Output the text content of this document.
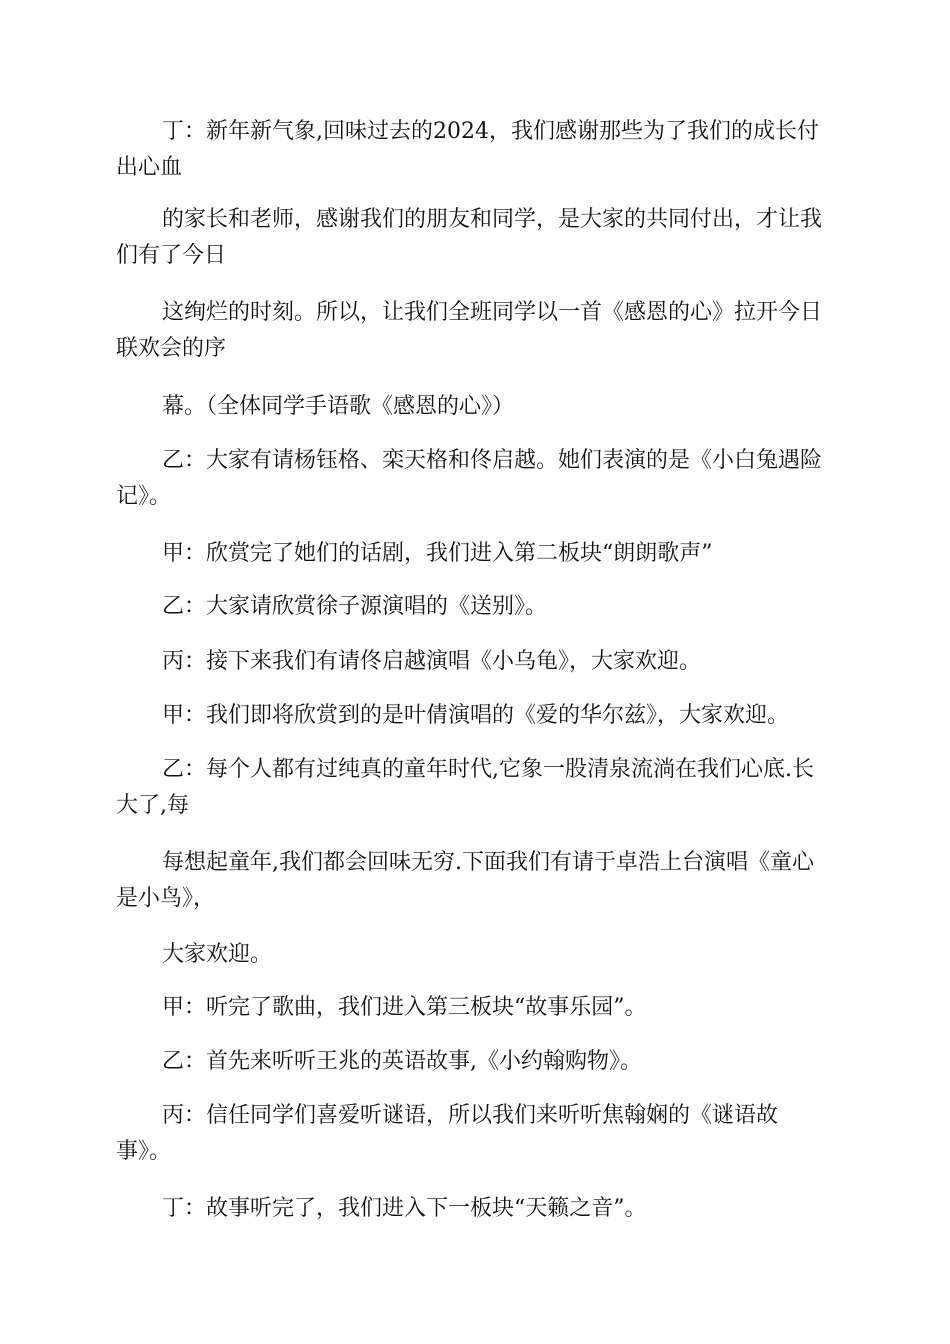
丁：新年新气象,回味过去的2024，我们感谢那些为了我们的成长付
出心血

的家长和老师，感谢我们的朋友和同学，是大家的共同付出，才让我
们有了今日

这绚烂的时刻。所以，让我们全班同学以一首《感恩的心》拉开今日
联欢会的序

幕。（全体同学手语歌《感恩的心》）

乙：大家有请杨钰格、栾天格和佟启越。她们表演的是《小白兔遇险
记》。

甲：欣赏完了她们的话剧，我们进入第二板块“朗朗歌声”

乙：大家请欣赏徐子源演唱的《送别》。

丙：接下来我们有请佟启越演唱《小乌龟》，大家欢迎。

甲：我们即将欣赏到的是叶倩演唱的《爱的华尔兹》，大家欢迎。

乙：每个人都有过纯真的童年时代,它象一股清泉流淌在我们心底.长
大了,每

每想起童年,我们都会回味无穷.下面我们有请于卓浩上台演唱《童心
是小鸟》，

大家欢迎。

甲：听完了歌曲，我们进入第三板块“故事乐园”。

乙：首先来听听王兆的英语故事,《小约翰购物》。

丙：信任同学们喜爱听谜语，所以我们来听听焦翰娴的《谜语故
事》。

丁：故事听完了，我们进入下一板块“天籁之音”。
